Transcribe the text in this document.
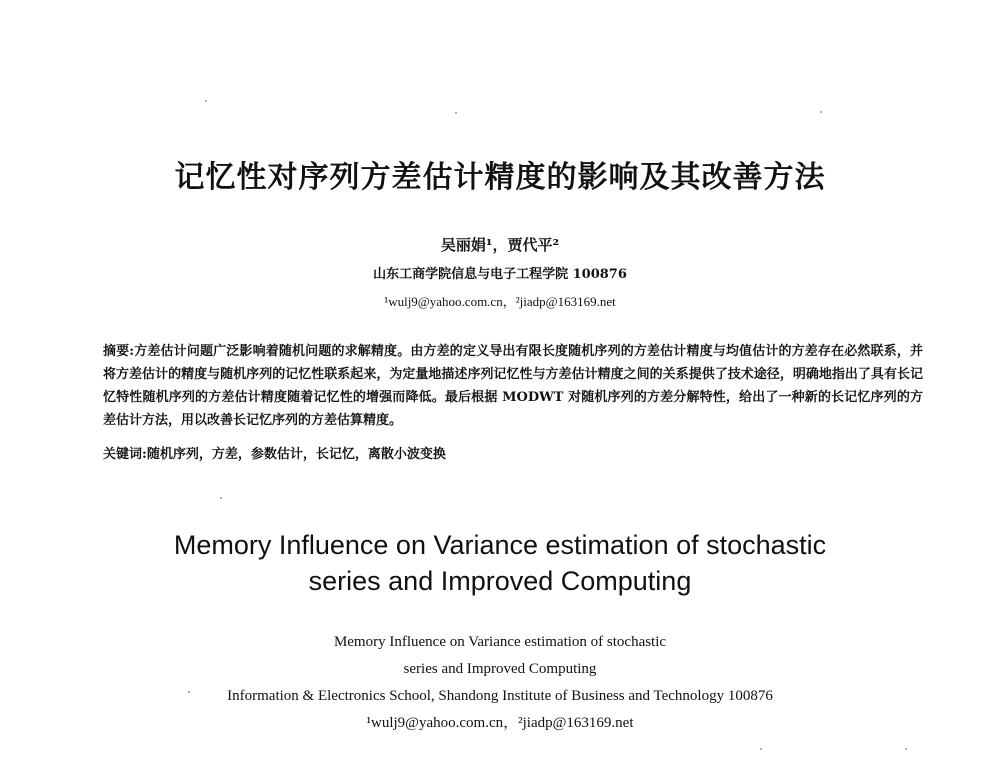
记忆性对序列方差估计精度的影响及其改善方法
吴丽娟¹，贾代平²
山东工商学院信息与电子工程学院 100876
¹wulj9@yahoo.com.cn，²jiadp@163169.net
摘要:方差估计问题广泛影响着随机问题的求解精度。由方差的定义导出有限长度随机序列的方差估计精度与均值估计的方差存在必然联系，并将方差估计的精度与随机序列的记忆性联系起来，为定量地描述序列记忆性与方差估计精度之间的关系提供了技术途径，明确地指出了具有长记忆特性随机序列的方差估计精度随着记忆性的增强而降低。最后根据 MODWT 对随机序列的方差分解特性，给出了一种新的长记忆序列的方差估计方法，用以改善长记忆序列的方差估算精度。
关键词:随机序列，方差，参数估计，长记忆，离散小波变换
Memory Influence on Variance estimation of stochastic
series and Improved Computing
Memory Influence on Variance estimation of stochastic
series and Improved Computing
Information & Electronics School, Shandong Institute of Business and Technology 100876
¹wulj9@yahoo.com.cn，²jiadp@163169.net
